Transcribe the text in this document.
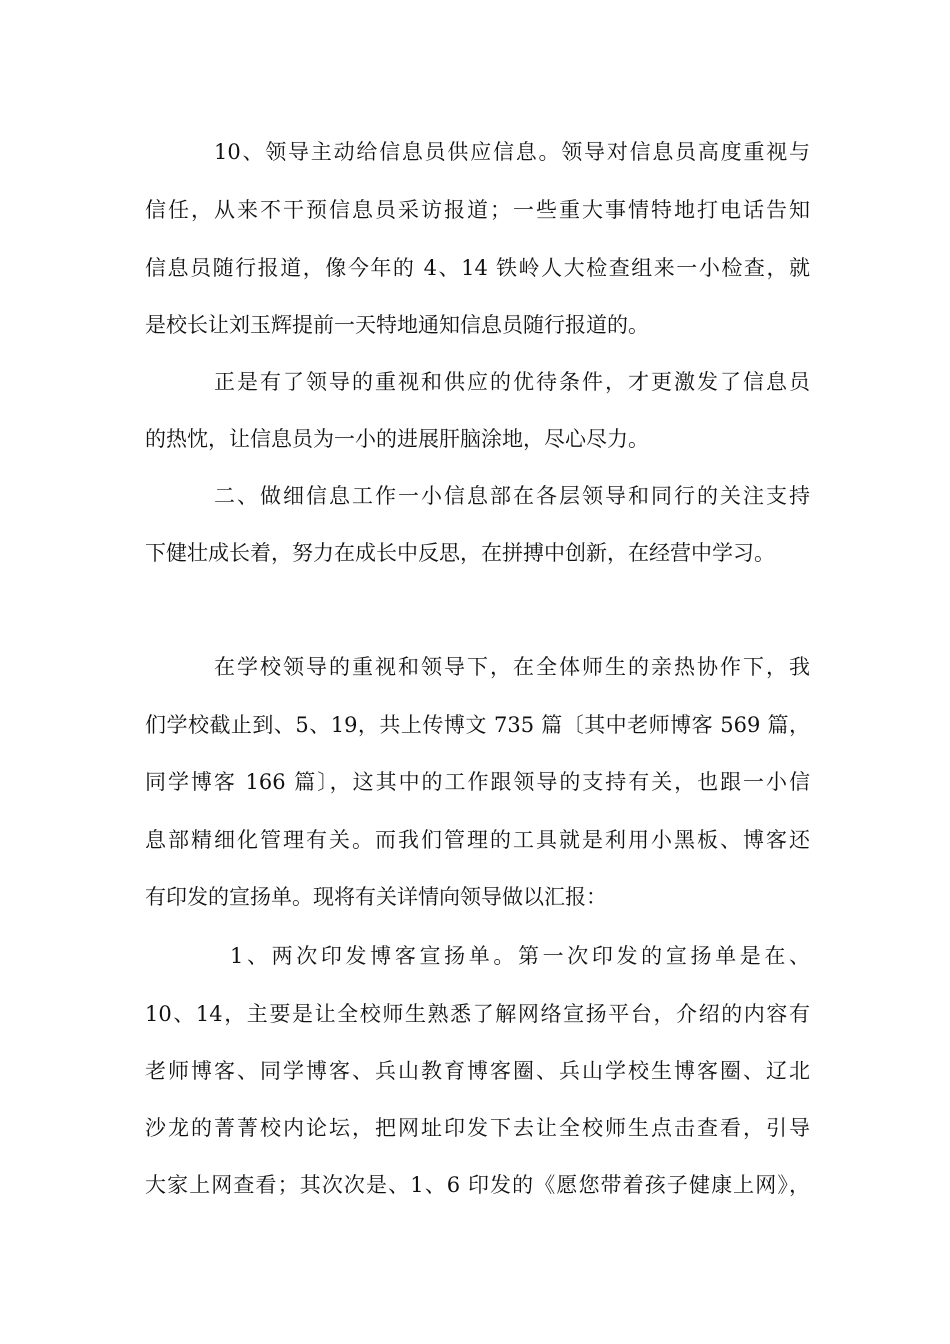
10、领导主动给信息员供应信息。领导对信息员高度重视与
信任，从来不干预信息员采访报道；一些重大事情特地打电话告知
信息员随行报道，像今年的 4、14 铁岭人大检查组来一小检查，就
是校长让刘玉辉提前一天特地通知信息员随行报道的。
正是有了领导的重视和供应的优待条件，才更激发了信息员
的热忱，让信息员为一小的进展肝脑涂地，尽心尽力。
二、做细信息工作一小信息部在各层领导和同行的关注支持
下健壮成长着，努力在成长中反思，在拼搏中创新，在经营中学习。
在学校领导的重视和领导下，在全体师生的亲热协作下，我
们学校截止到、5、19，共上传博文 735 篇〔其中老师博客 569 篇，
同学博客 166 篇〕，这其中的工作跟领导的支持有关，也跟一小信
息部精细化管理有关。而我们管理的工具就是利用小黑板、博客还
有印发的宣扬单。现将有关详情向领导做以汇报：
1、两次印发博客宣扬单。第一次印发的宣扬单是在、
10、14，主要是让全校师生熟悉了解网络宣扬平台，介绍的内容有
老师博客、同学博客、兵山教育博客圈、兵山学校生博客圈、辽北
沙龙的菁菁校内论坛，把网址印发下去让全校师生点击查看，引导
大家上网查看；其次次是、1、6 印发的《愿您带着孩子健康上网》，
